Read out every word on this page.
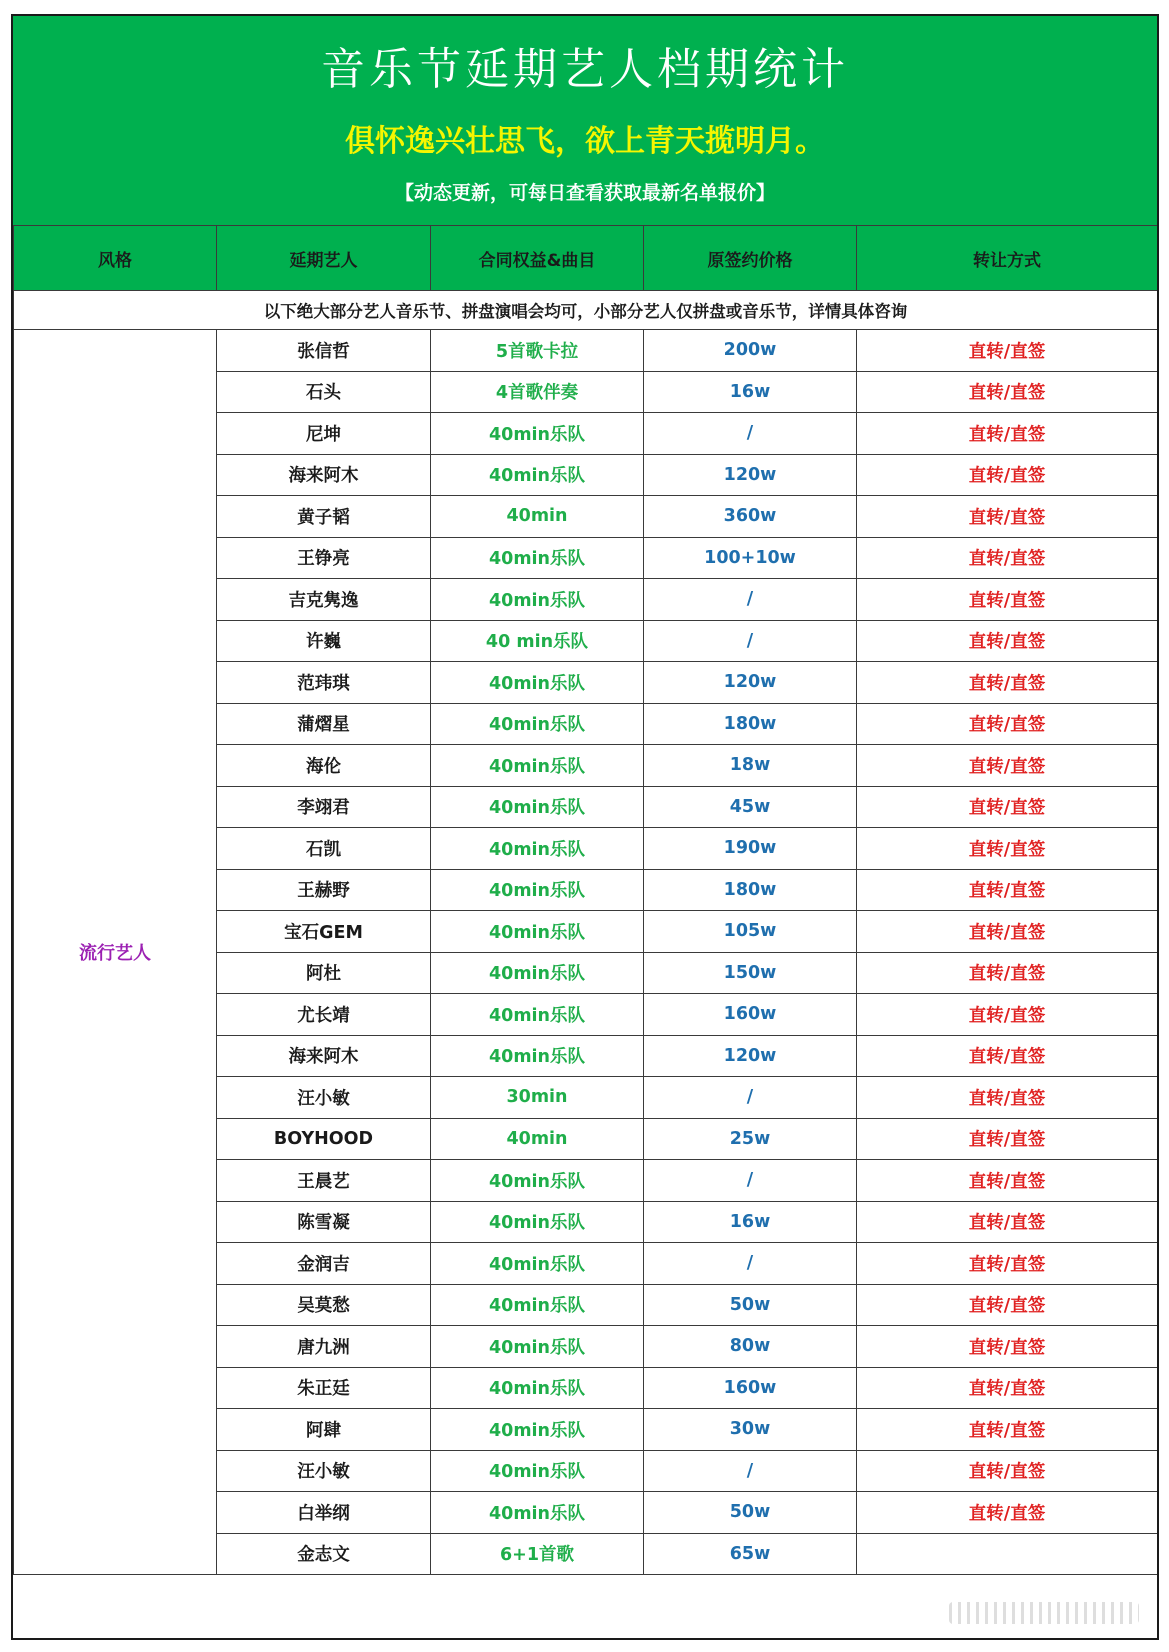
音乐节延期艺人档期统计
俱怀逸兴壮思飞，欲上青天揽明月。
【动态更新，可每日查看获取最新名单报价】
风格	延期艺人	合同权益&曲目	原签约价格	转让方式
以下绝大部分艺人音乐节、拼盘演唱会均可，小部分艺人仅拼盘或音乐节，详情具体咨询				
流行艺人	张信哲	5首歌卡拉	200w	直转/直签
	石头	4首歌伴奏	16w	直转/直签
	尼坤	40min乐队	/	直转/直签
	海来阿木	40min乐队	120w	直转/直签
	黄子韬	40min	360w	直转/直签
	王铮亮	40min乐队	100+10w	直转/直签
	吉克隽逸	40min乐队	/	直转/直签
	许巍	40 min乐队	/	直转/直签
	范玮琪	40min乐队	120w	直转/直签
	蒲熠星	40min乐队	180w	直转/直签
	海伦	40min乐队	18w	直转/直签
	李翊君	40min乐队	45w	直转/直签
	石凯	40min乐队	190w	直转/直签
	王赫野	40min乐队	180w	直转/直签
	宝石GEM	40min乐队	105w	直转/直签
	阿杜	40min乐队	150w	直转/直签
	尤长靖	40min乐队	160w	直转/直签
	海来阿木	40min乐队	120w	直转/直签
	汪小敏	30min	/	直转/直签
	BOYHOOD	40min	25w	直转/直签
	王晨艺	40min乐队	/	直转/直签
	陈雪凝	40min乐队	16w	直转/直签
	金润吉	40min乐队	/	直转/直签
	吴莫愁	40min乐队	50w	直转/直签
	唐九洲	40min乐队	80w	直转/直签
	朱正廷	40min乐队	160w	直转/直签
	阿肆	40min乐队	30w	直转/直签
	汪小敏	40min乐队	/	直转/直签
	白举纲	40min乐队	50w	直转/直签
	金志文	6+1首歌	65w	
